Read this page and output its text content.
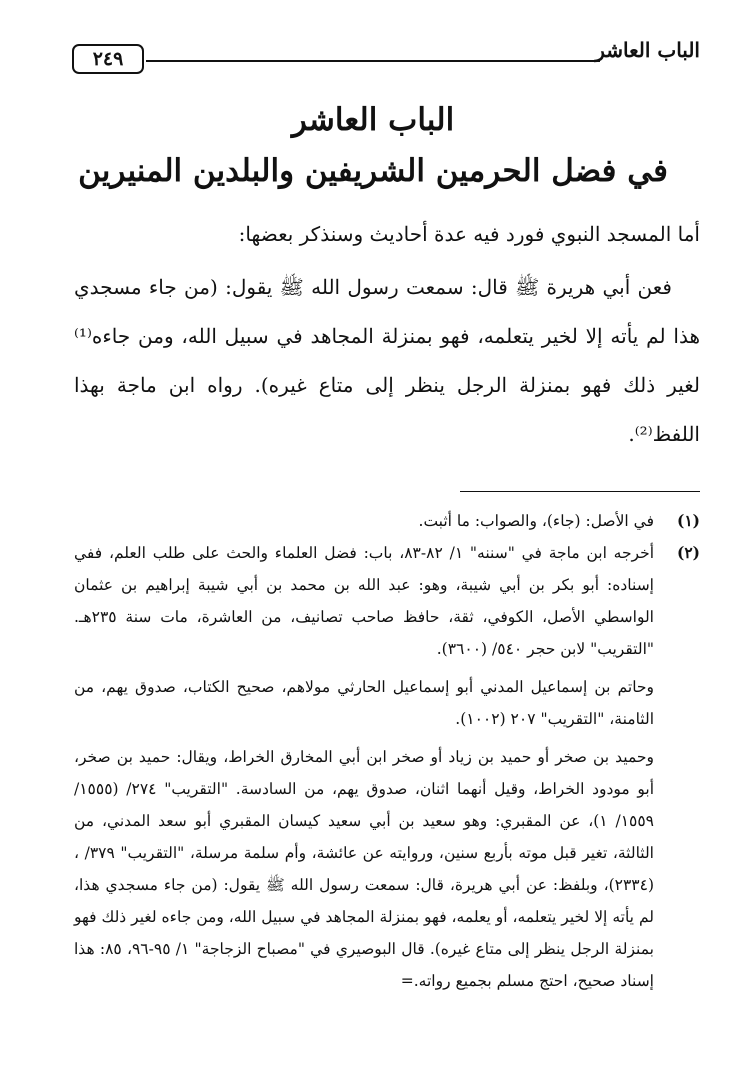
الباب العاشر
٢٤٩
الباب العاشر
في فضل الحرمين الشريفين والبلدين المنيرين

أما المسجد النبوي فورد فيه عدة أحاديث وسنذكر بعضها:

فعن أبي هريرة ﷺ قال: سمعت رسول الله ﷺ يقول: (من جاء مسجدي هذا لم يأته إلا لخير يتعلمه، فهو بمنزلة المجاهد في سبيل الله، ومن جاءه⁽¹⁾ لغير ذلك فهو بمنزلة الرجل ينظر إلى متاع غيره). رواه ابن ماجة بهذا اللفظ⁽²⁾.

(١)

في الأصل: (جاء)، والصواب: ما أثبت.

(٢)

أخرجه ابن ماجة في "سننه" ١/ ٨٢-٨٣، باب: فضل العلماء والحث على طلب العلم، ففي إسناده: أبو بكر بن أبي شيبة، وهو: عبد الله بن محمد بن أبي شيبة إبراهيم بن عثمان الواسطي الأصل، الكوفي، ثقة، حافظ صاحب تصانيف، من العاشرة، مات سنة ٢٣٥هـ. "التقريب" لابن حجر ٥٤٠/ (٣٦٠٠).

وحاتم بن إسماعيل المدني أبو إسماعيل الحارثي مولاهم، صحيح الكتاب، صدوق يهم، من الثامنة، "التقريب" ٢٠٧ (١٠٠٢).

وحميد بن صخر أو حميد بن زياد أو صخر ابن أبي المخارق الخراط، ويقال: حميد بن صخر، أبو مودود الخراط، وقيل أنهما اثنان، صدوق يهم، من السادسة. "التقريب" ٢٧٤/ (١٥٥٥/ ١٥٥٩/ ١)، عن المقبري: وهو سعيد بن أبي سعيد كيسان المقبري أبو سعد المدني، من الثالثة، تغير قبل موته بأربع سنين، وروايته عن عائشة، وأم سلمة مرسلة، "التقريب" ٣٧٩/ ، (٢٣٣٤)، وبلفظ: عن أبي هريرة، قال: سمعت رسول الله ﷺ يقول: (من جاء مسجدي هذا، لم يأته إلا لخير يتعلمه، أو يعلمه، فهو بمنزلة المجاهد في سبيل الله، ومن جاءه لغير ذلك فهو بمنزلة الرجل ينظر إلى متاع غيره). قال البوصيري في "مصباح الزجاجة" ١/ ٩٥-٩٦، ٨٥: هذا إسناد صحيح، احتج مسلم بجميع رواته.=
